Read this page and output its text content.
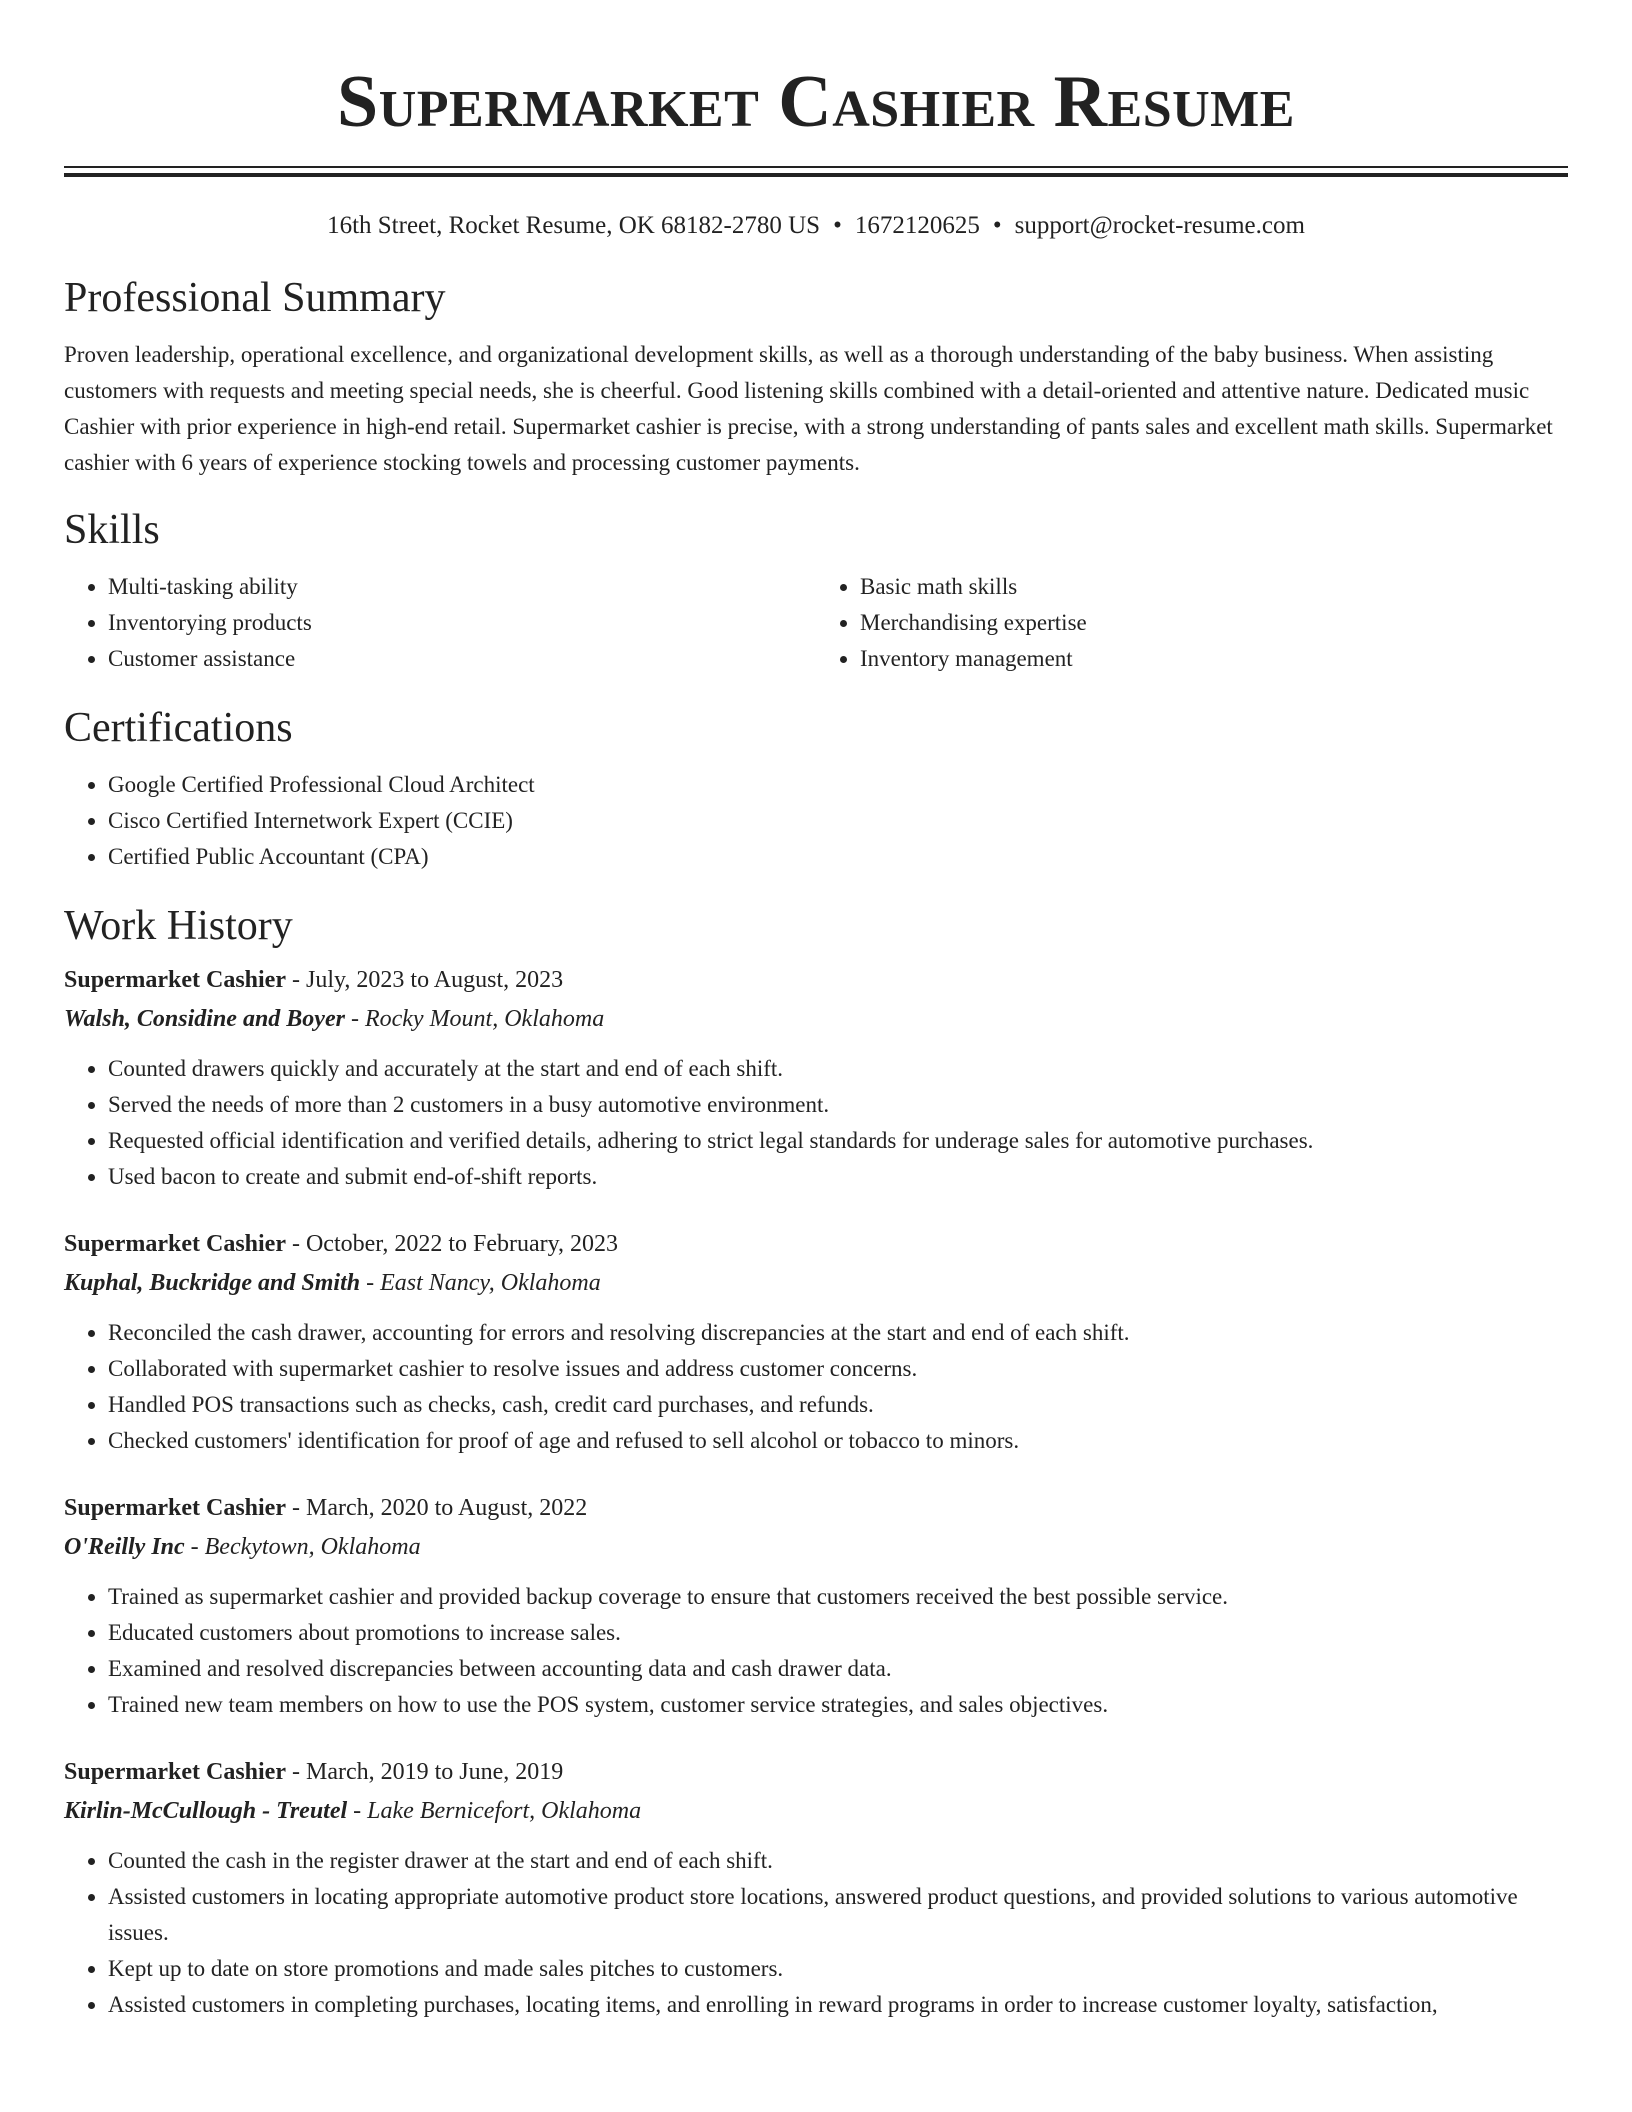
Supermarket Cashier Resume
16th Street, Rocket Resume, OK 68182-2780 US • 1672120625 • support@rocket-resume.com
Professional Summary
Proven leadership, operational excellence, and organizational development skills, as well as a thorough understanding of the baby business. When assisting customers with requests and meeting special needs, she is cheerful. Good listening skills combined with a detail-oriented and attentive nature. Dedicated music Cashier with prior experience in high-end retail. Supermarket cashier is precise, with a strong understanding of pants sales and excellent math skills. Supermarket cashier with 6 years of experience stocking towels and processing customer payments.
Skills
• Multi-tasking ability
• Inventorying products
• Customer assistance
• Basic math skills
• Merchandising expertise
• Inventory management
Certifications
• Google Certified Professional Cloud Architect
• Cisco Certified Internetwork Expert (CCIE)
• Certified Public Accountant (CPA)
Work History
Supermarket Cashier - July, 2023 to August, 2023
Walsh, Considine and Boyer - Rocky Mount, Oklahoma
• Counted drawers quickly and accurately at the start and end of each shift.
• Served the needs of more than 2 customers in a busy automotive environment.
• Requested official identification and verified details, adhering to strict legal standards for underage sales for automotive purchases.
• Used bacon to create and submit end-of-shift reports.
Supermarket Cashier - October, 2022 to February, 2023
Kuphal, Buckridge and Smith - East Nancy, Oklahoma
• Reconciled the cash drawer, accounting for errors and resolving discrepancies at the start and end of each shift.
• Collaborated with supermarket cashier to resolve issues and address customer concerns.
• Handled POS transactions such as checks, cash, credit card purchases, and refunds.
• Checked customers' identification for proof of age and refused to sell alcohol or tobacco to minors.
Supermarket Cashier - March, 2020 to August, 2022
O'Reilly Inc - Beckytown, Oklahoma
• Trained as supermarket cashier and provided backup coverage to ensure that customers received the best possible service.
• Educated customers about promotions to increase sales.
• Examined and resolved discrepancies between accounting data and cash drawer data.
• Trained new team members on how to use the POS system, customer service strategies, and sales objectives.
Supermarket Cashier - March, 2019 to June, 2019
Kirlin-McCullough - Treutel - Lake Bernicefort, Oklahoma
• Counted the cash in the register drawer at the start and end of each shift.
• Assisted customers in locating appropriate automotive product store locations, answered product questions, and provided solutions to various automotive issues.
• Kept up to date on store promotions and made sales pitches to customers.
• Assisted customers in completing purchases, locating items, and enrolling in reward programs in order to increase customer loyalty, satisfaction,
